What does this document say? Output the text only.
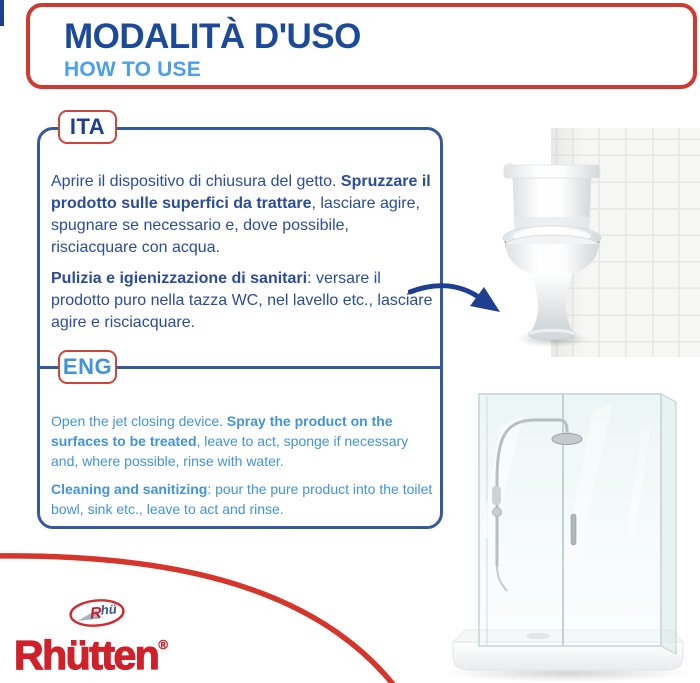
MODALITÀ D'USO
HOW TO USE
ITA
ENG

Aprire il dispositivo di chiusura del getto. Spruzzare il prodotto sulle superfici da trattare, lasciare agire, spugnare se necessario e, dove possibile, risciacquare con acqua.

Pulizia e igienizzazione di sanitari: versare il prodotto puro nella tazza WC, nel lavello etc., lasciare agire e risciacquare.

Open the jet closing device. Spray the product on the surfaces to be treated, leave to act, sponge if necessary and, where possible, rinse with water.

Cleaning and sanitizing: pour the pure product into the toilet bowl, sink etc., leave to act and rinse.

R
hü
Rhütten®
